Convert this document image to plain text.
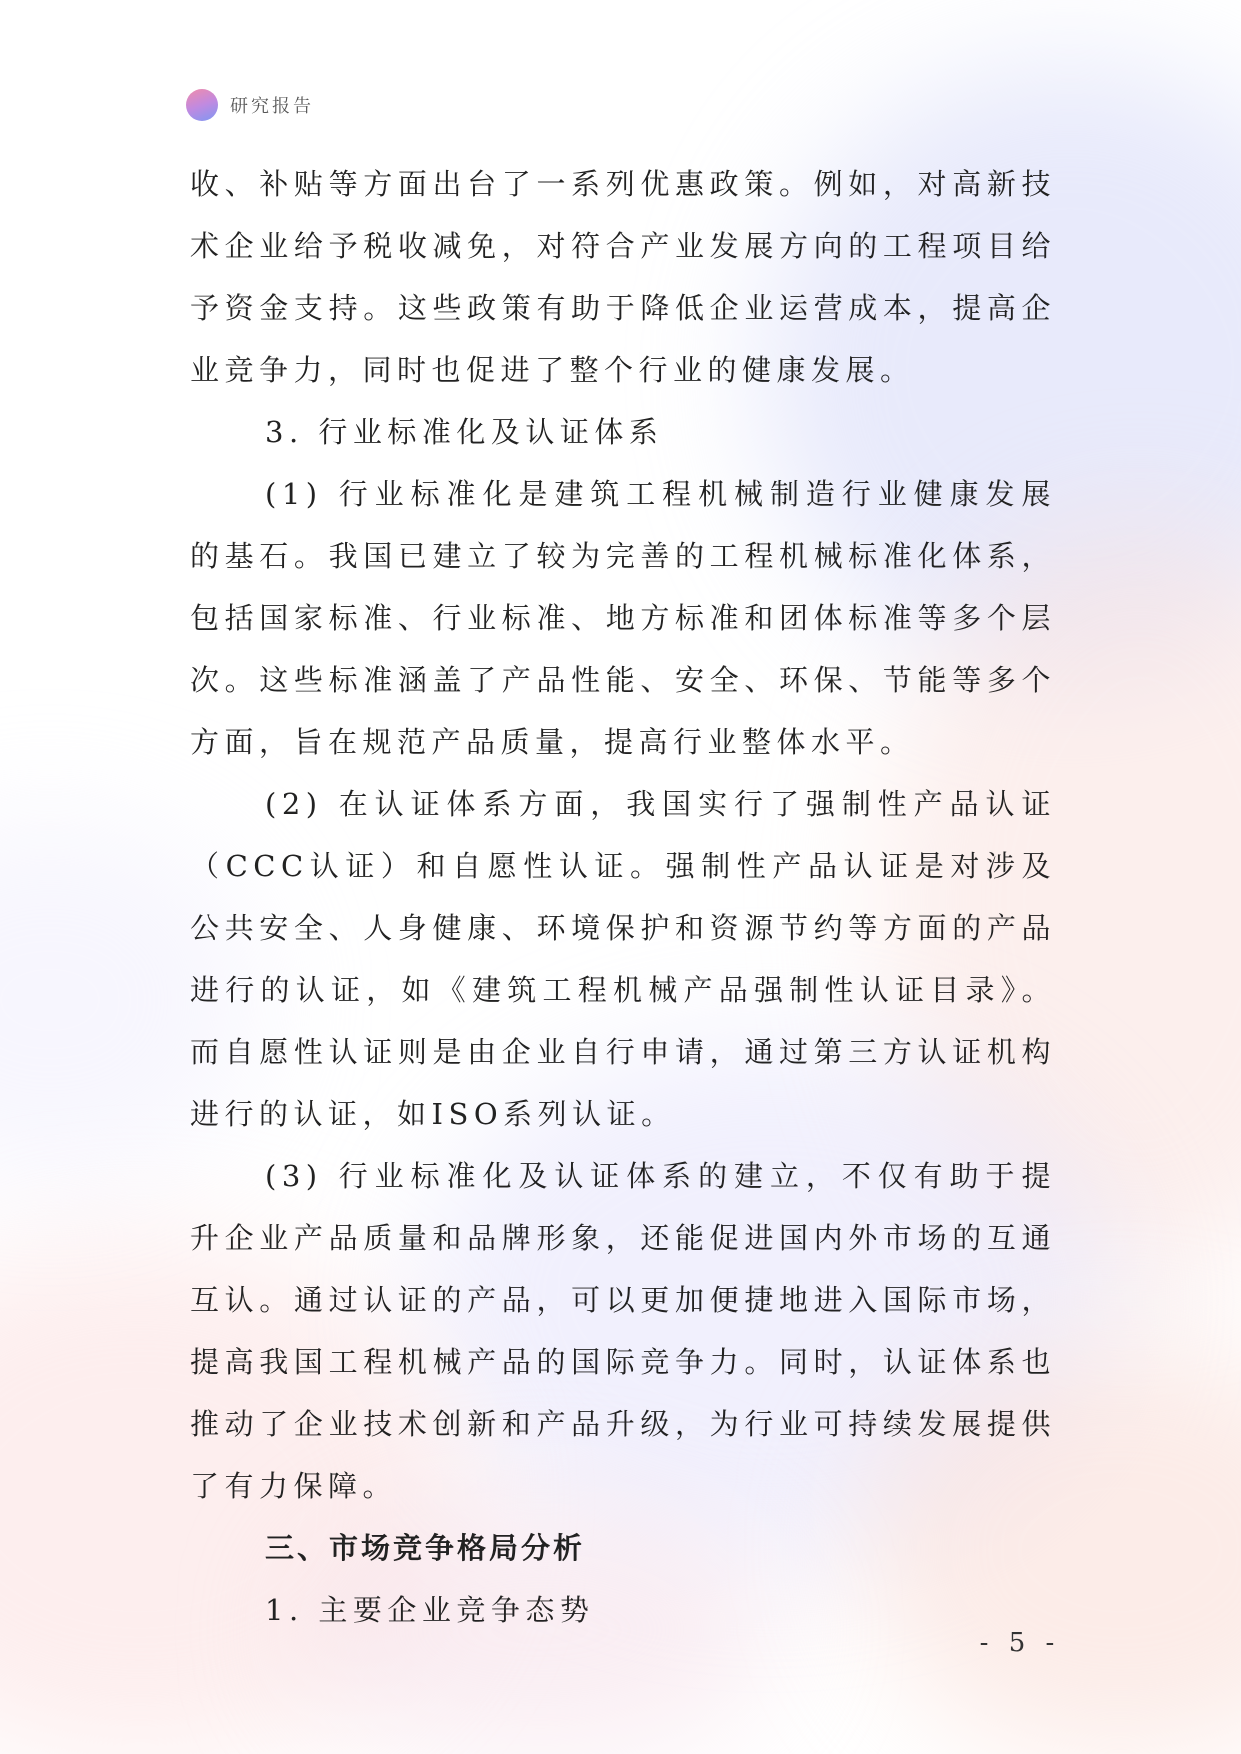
研究报告

收、补贴等方面出台了一系列优惠政策。例如，对高新技术企业给予税收减免，对符合产业发展方向的工程项目给予资金支持。这些政策有助于降低企业运营成本，提高企业竞争力，同时也促进了整个行业的健康发展。

3. 行业标准化及认证体系

(1) 行业标准化是建筑工程机械制造行业健康发展的基石。我国已建立了较为完善的工程机械标准化体系，包括国家标准、行业标准、地方标准和团体标准等多个层次。这些标准涵盖了产品性能、安全、环保、节能等多个方面，旨在规范产品质量，提高行业整体水平。

(2) 在认证体系方面，我国实行了强制性产品认证（CCC认证）和自愿性认证。强制性产品认证是对涉及公共安全、人身健康、环境保护和资源节约等方面的产品进行的认证，如《建筑工程机械产品强制性认证目录》。而自愿性认证则是由企业自行申请，通过第三方认证机构进行的认证，如ISO系列认证。

(3) 行业标准化及认证体系的建立，不仅有助于提升企业产品质量和品牌形象，还能促进国内外市场的互通互认。通过认证的产品，可以更加便捷地进入国际市场，提高我国工程机械产品的国际竞争力。同时，认证体系也推动了企业技术创新和产品升级，为行业可持续发展提供了有力保障。

三、市场竞争格局分析

1. 主要企业竞争态势

- 5 -
